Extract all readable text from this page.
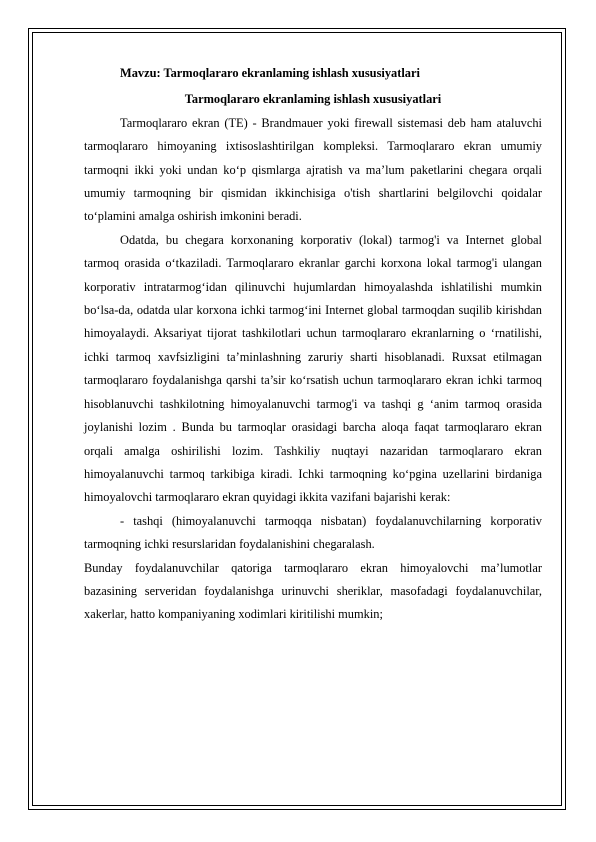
Mavzu: Tarmoqlararo ekranlaming ishlash xususiyatlari

Tarmoqlararo ekranlaming ishlash xususiyatlari

Tarmoqlararo ekran (TE) - Brandmauer yoki firewall sistemasi deb ham ataluvchi tarmoqlararo himoyaning ixtisoslashtirilgan kompleksi. Tarmoqlararo ekran umumiy tarmoqni ikki yoki undan ko‘p qismlarga ajratish va ma’lum paketlarini chegara orqali umumiy tarmoqning bir qismidan ikkinchisiga o'tish shartlarini belgilovchi qoidalar to‘plamini amalga oshirish imkonini beradi.

Odatda, bu chegara korxonaning korporativ (lokal) tarmog'i va Internet global tarmoq orasida o‘tkaziladi. Tarmoqlararo ekranlar garchi korxona lokal tarmog'i ulangan korporativ intratarmog‘idan qilinuvchi hujumlardan himoyalashda ishlatilishi mumkin bo‘lsa-da, odatda ular korxona ichki tarmog‘ini Internet global tarmoqdan suqilib kirishdan himoyalaydi. Aksariyat tijorat tashkilotlari uchun tarmoqlararo ekranlarning o ‘rnatilishi, ichki tarmoq xavfsizligini ta’minlashning zaruriy sharti hisoblanadi. Ruxsat etilmagan tarmoqlararo foydalanishga qarshi ta’sir ko‘rsatish uchun tarmoqlararo ekran ichki tarmoq hisoblanuvchi tashkilotning himoyalanuvchi tarmog'i va tashqi g ‘anim tarmoq orasida joylanishi lozim . Bunda bu tarmoqlar orasidagi barcha aloqa faqat tarmoqlararo ekran orqali amalga oshirilishi lozim. Tashkiliy nuqtayi nazaridan tarmoqlararo ekran himoyalanuvchi tarmoq tarkibiga kiradi. Ichki tarmoqning ko‘pgina uzellarini birdaniga himoyalovchi tarmoqlararo ekran quyidagi ikkita vazifani bajarishi kerak:

- tashqi (himoyalanuvchi tarmoqqa nisbatan) foydalanuvchilarning korporativ tarmoqning ichki resurslaridan foydalanishini chegaralash.

Bunday foydalanuvchilar qatoriga tarmoqlararo ekran himoyalovchi ma’lumotlar bazasining serveridan foydalanishga urinuvchi sheriklar, masofadagi foydalanuvchilar, xakerlar, hatto kompaniyaning xodimlari kiritilishi mumkin;
